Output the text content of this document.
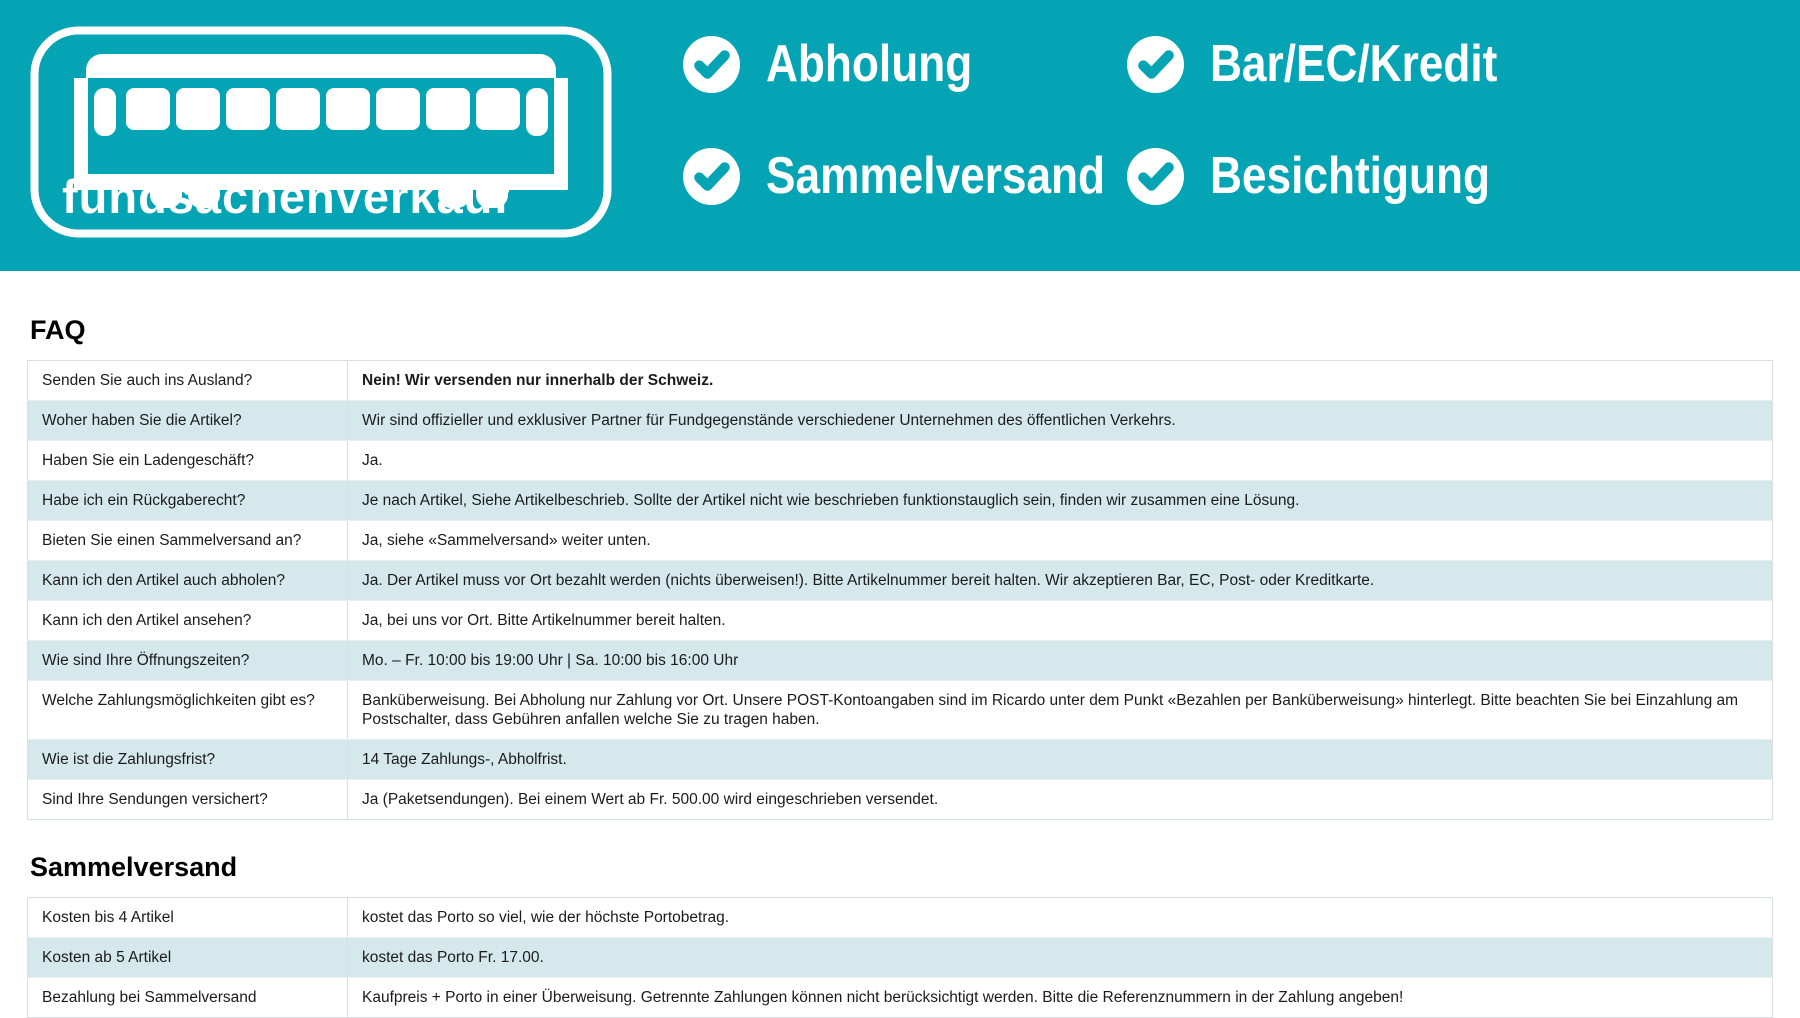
fundsachenverkauf
Abholung	Bar/EC/Kredit
Sammelversand Besichtigung
FAQ
Senden Sie auch ins Ausland?	Nein! Wir versenden nur innerhalb der Schweiz.
Woher haben Sie die Artikel?	Wir sind offizieller und exklusiver Partner für Fundgegenstände verschiedener Unternehmen des öffentlichen Verkehrs.
Haben Sie ein Ladengeschäft?	Ja.
Habe ich ein Rückgaberecht?	Je nach Artikel, Siehe Artikelbeschrieb. Sollte der Artikel nicht wie beschrieben funktionstauglich sein, finden wir zusammen eine Lösung.
Bieten Sie einen Sammelversand an?	Ja, siehe «Sammelversand» weiter unten.
Kann ich den Artikel auch abholen?	Ja. Der Artikel muss vor Ort bezahlt werden (nichts überweisen!). Bitte Artikelnummer bereit halten. Wir akzeptieren Bar, EC, Post- oder Kreditkarte.
Kann ich den Artikel ansehen?	Ja, bei uns vor Ort. Bitte Artikelnummer bereit halten.
Wie sind Ihre Öffnungszeiten?	Mo. – Fr. 10:00 bis 19:00 Uhr | Sa. 10:00 bis 16:00 Uhr
Welche Zahlungsmöglichkeiten gibt es?	Banküberweisung. Bei Abholung nur Zahlung vor Ort. Unsere POST-Kontoangaben sind im Ricardo unter dem Punkt «Bezahlen per Banküberweisung» hinterlegt. Bitte beachten Sie bei Einzahlung am Postschalter, dass Gebühren anfallen welche Sie zu tragen haben.
Wie ist die Zahlungsfrist?	14 Tage Zahlungs-, Abholfrist.
Sind Ihre Sendungen versichert?	Ja (Paketsendungen). Bei einem Wert ab Fr. 500.00 wird eingeschrieben versendet.
Sammelversand
Kosten bis 4 Artikel	kostet das Porto so viel, wie der höchste Portobetrag.
Kosten ab 5 Artikel	kostet das Porto Fr. 17.00.
Bezahlung bei Sammelversand	Kaufpreis + Porto in einer Überweisung. Getrennte Zahlungen können nicht berücksichtigt werden. Bitte die Referenznummern in der Zahlung angeben!
